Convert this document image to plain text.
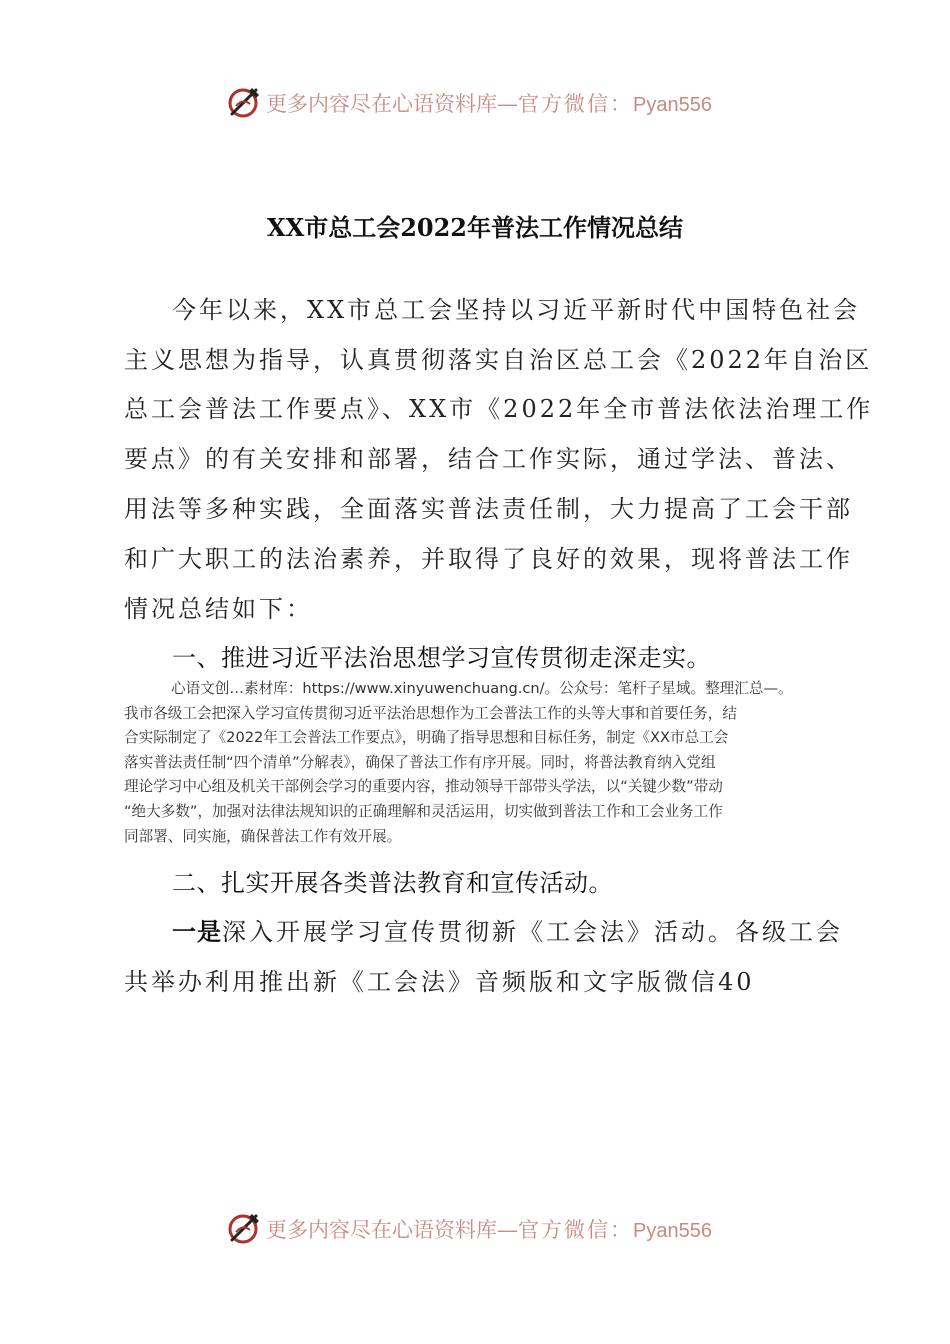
更多内容尽在心语资料库—官方微信：Pyan556
XX市总工会2022年普法工作情况总结
今年以来，XX市总工会坚持以习近平新时代中国特色社会
主义思想为指导，认真贯彻落实自治区总工会《2022年自治区
总工会普法工作要点》、XX市《2022年全市普法依法治理工作
要点》的有关安排和部署，结合工作实际，通过学法、普法、
用法等多种实践，全面落实普法责任制，大力提高了工会干部
和广大职工的法治素养，并取得了良好的效果，现将普法工作
情况总结如下：
一、推进习近平法治思想学习宣传贯彻走深走实。

心语文创…素材库：https://www.xinyuwenchuang.cn/。公众号：笔杆子星域。整理汇总—。

我市各级工会把深入学习宣传贯彻习近平法治思想作为工会普法工作的头等大事和首要任务，结

合实际制定了《2022年工会普法工作要点》，明确了指导思想和目标任务，制定《XX市总工会

落实普法责任制“四个清单”分解表》，确保了普法工作有序开展。同时，将普法教育纳入党组

理论学习中心组及机关干部例会学习的重要内容，推动领导干部带头学法，以“关键少数”带动

“绝大多数”，加强对法律法规知识的正确理解和灵活运用，切实做到普法工作和工会业务工作

同部署、同实施，确保普法工作有效开展。

二、扎实开展各类普法教育和宣传活动。
一是深入开展学习宣传贯彻新《工会法》活动。各级工会
共举办利用推出新《工会法》音频版和文字版微信40
更多内容尽在心语资料库—官方微信：Pyan556
